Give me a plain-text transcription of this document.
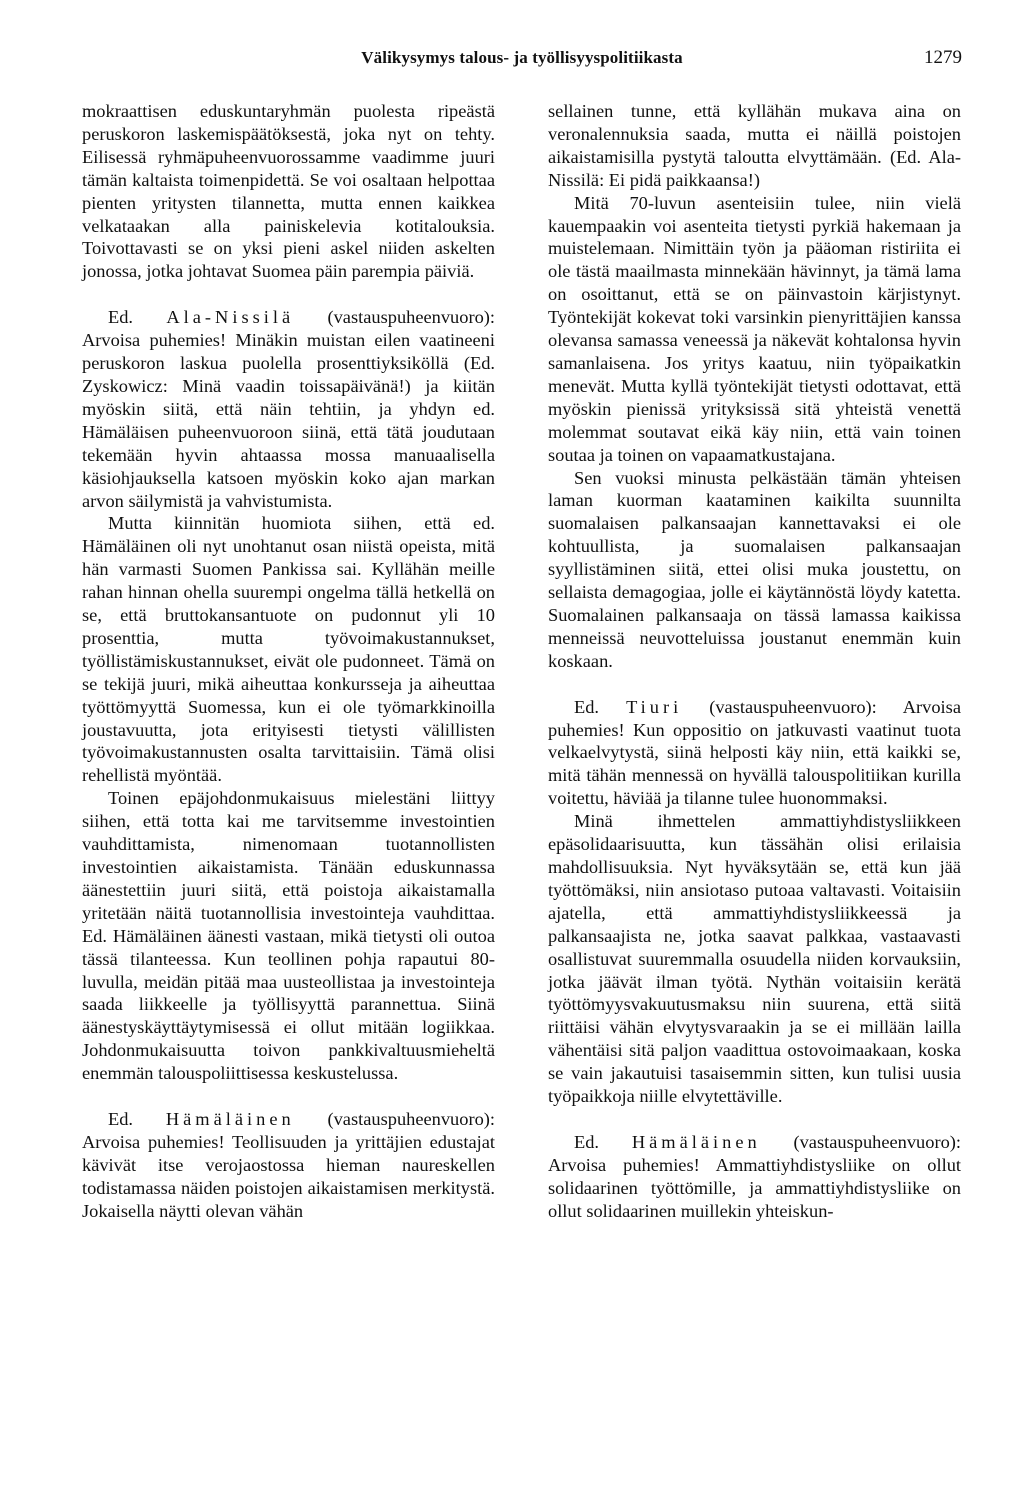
Välikysymys talous- ja työllisyyspolitiikasta	1279

mokraattisen eduskuntaryhmän puolesta ripeästä peruskoron laskemispäätöksestä, joka nyt on tehty. Eilisessä ryhmäpuheenvuorossamme vaadimme juuri tämän kaltaista toimenpidettä. Se voi osaltaan helpottaa pienten yritysten tilannetta, mutta ennen kaikkea velkataakan alla painiskelevia kotitalouksia. Toivottavasti se on yksi pieni askel niiden askelten jonossa, jotka johtavat Suomea päin parempia päiviä.

Ed. Ala-Nissilä (vastauspuheenvuoro): Arvoisa puhemies! Minäkin muistan eilen vaatineeni peruskoron laskua puolella prosenttiyksiköllä (Ed. Zyskowicz: Minä vaadin toissapäivänä!) ja kiitän myöskin siitä, että näin tehtiin, ja yhdyn ed. Hämäläisen puheenvuoroon siinä, että tätä joudutaan tekemään hyvin ahtaassa mossa manuaalisella käsiohjauksella katsoen myöskin koko ajan markan arvon säilymistä ja vahvistumista.

Mutta kiinnitän huomiota siihen, että ed. Hämäläinen oli nyt unohtanut osan niistä opeista, mitä hän varmasti Suomen Pankissa sai. Kyllähän meille rahan hinnan ohella suurempi ongelma tällä hetkellä on se, että bruttokansantuote on pudonnut yli 10 prosenttia, mutta työvoimakustannukset, työllistämiskustannukset, eivät ole pudonneet. Tämä on se tekijä juuri, mikä aiheuttaa konkursseja ja aiheuttaa työttömyyttä Suomessa, kun ei ole työmarkkinoilla joustavuutta, jota erityisesti tietysti välillisten työvoimakustannusten osalta tarvittaisiin. Tämä olisi rehellistä myöntää.

Toinen epäjohdonmukaisuus mielestäni liittyy siihen, että totta kai me tarvitsemme investointien vauhdittamista, nimenomaan tuotannollisten investointien aikaistamista. Tänään eduskunnassa äänestettiin juuri siitä, että poistoja aikaistamalla yritetään näitä tuotannollisia investointeja vauhdittaa. Ed. Hämäläinen äänesti vastaan, mikä tietysti oli outoa tässä tilanteessa. Kun teollinen pohja rapautui 80-luvulla, meidän pitää maa uusteollistaa ja investointeja saada liikkeelle ja työllisyyttä parannettua. Siinä äänestyskäyttäytymisessä ei ollut mitään logiikkaa. Johdonmukaisuutta toivon pankkivaltuusmieheltä enemmän talouspoliittisessa keskustelussa.

Ed. Hämäläinen (vastauspuheenvuoro): Arvoisa puhemies! Teollisuuden ja yrittäjien edustajat kävivät itse verojaostossa hieman naureskellen todistamassa näiden poistojen aikaistamisen merkitystä. Jokaisella näytti olevan vähän

sellainen tunne, että kyllähän mukava aina on veronalennuksia saada, mutta ei näillä poistojen aikaistamisilla pystytä taloutta elvyttämään. (Ed. Ala-Nissilä: Ei pidä paikkaansa!)

Mitä 70-luvun asenteisiin tulee, niin vielä kauempaakin voi asenteita tietysti pyrkiä hakemaan ja muistelemaan. Nimittäin työn ja pääoman ristiriita ei ole tästä maailmasta minnekään hävinnyt, ja tämä lama on osoittanut, että se on päinvastoin kärjistynyt. Työntekijät kokevat toki varsinkin pienyrittäjien kanssa olevansa samassa veneessä ja näkevät kohtalonsa hyvin samanlaisena. Jos yritys kaatuu, niin työpaikatkin menevät. Mutta kyllä työntekijät tietysti odottavat, että myöskin pienissä yrityksissä sitä yhteistä venettä molemmat soutavat eikä käy niin, että vain toinen soutaa ja toinen on vapaamatkustajana.

Sen vuoksi minusta pelkästään tämän yhteisen laman kuorman kaataminen kaikilta suunnilta suomalaisen palkansaajan kannettavaksi ei ole kohtuullista, ja suomalaisen palkansaajan syyllistäminen siitä, ettei olisi muka joustettu, on sellaista demagogiaa, jolle ei käytännöstä löydy katetta. Suomalainen palkansaaja on tässä lamassa kaikissa menneissä neuvotteluissa joustanut enemmän kuin koskaan.

Ed. Tiuri (vastauspuheenvuoro): Arvoisa puhemies! Kun oppositio on jatkuvasti vaatinut tuota velkaelvytystä, siinä helposti käy niin, että kaikki se, mitä tähän mennessä on hyvällä talouspolitiikan kurilla voitettu, häviää ja tilanne tulee huonommaksi.

Minä ihmettelen ammattiyhdistysliikkeen epäsolidaarisuutta, kun tässähän olisi erilaisia mahdollisuuksia. Nyt hyväksytään se, että kun jää työttömäksi, niin ansiotaso putoaa valtavasti. Voitaisiin ajatella, että ammattiyhdistysliikkeessä ja palkansaajista ne, jotka saavat palkkaa, vastaavasti osallistuvat suuremmalla osuudella niiden korvauksiin, jotka jäävät ilman työtä. Nythän voitaisiin kerätä työttömyysvakuutusmaksu niin suurena, että siitä riittäisi vähän elvytysvaraakin ja se ei millään lailla vähentäisi sitä paljon vaadittua ostovoimaakaan, koska se vain jakautuisi tasaisemmin sitten, kun tulisi uusia työpaikkoja niille elvytettäville.

Ed. Hämäläinen (vastauspuheenvuoro): Arvoisa puhemies! Ammattiyhdistysliike on ollut solidaarinen työttömille, ja ammattiyhdistysliike on ollut solidaarinen muillekin yhteiskun-
